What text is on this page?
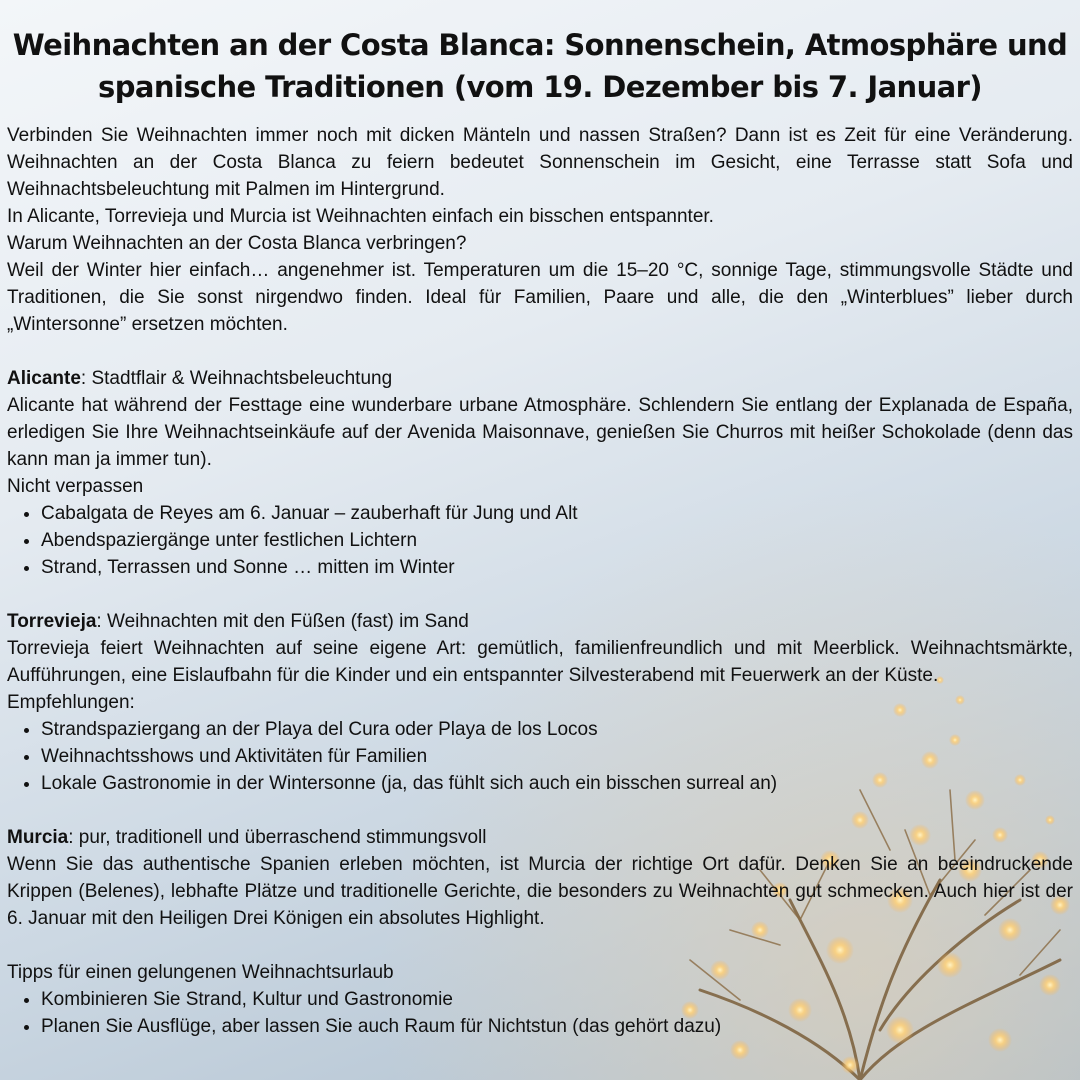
Weihnachten an der Costa Blanca: Sonnenschein, Atmosphäre und spanische Traditionen (vom 19. Dezember bis 7. Januar)

Verbinden Sie Weihnachten immer noch mit dicken Mänteln und nassen Straßen? Dann ist es Zeit für eine Veränderung. Weihnachten an der Costa Blanca zu feiern bedeutet Sonnenschein im Gesicht, eine Terrasse statt Sofa und Weihnachtsbeleuchtung mit Palmen im Hintergrund.

In Alicante, Torrevieja und Murcia ist Weihnachten einfach ein bisschen entspannter.

Warum Weihnachten an der Costa Blanca verbringen?

Weil der Winter hier einfach… angenehmer ist. Temperaturen um die 15–20 °C, sonnige Tage, stimmungsvolle Städte und Traditionen, die Sie sonst nirgendwo finden. Ideal für Familien, Paare und alle, die den „Winterblues” lieber durch „Wintersonne” ersetzen möchten.

Alicante: Stadtflair & Weihnachtsbeleuchtung

Alicante hat während der Festtage eine wunderbare urbane Atmosphäre. Schlendern Sie entlang der Explanada de España, erledigen Sie Ihre Weihnachtseinkäufe auf der Avenida Maisonnave, genießen Sie Churros mit heißer Schokolade (denn das kann man ja immer tun).

Nicht verpassen

• Cabalgata de Reyes am 6. Januar – zauberhaft für Jung und Alt
• Abendspaziergänge unter festlichen Lichtern
• Strand, Terrassen und Sonne … mitten im Winter

Torrevieja: Weihnachten mit den Füßen (fast) im Sand

Torrevieja feiert Weihnachten auf seine eigene Art: gemütlich, familienfreundlich und mit Meerblick. Weihnachtsmärkte, Aufführungen, eine Eislaufbahn für die Kinder und ein entspannter Silvesterabend mit Feuerwerk an der Küste.

Empfehlungen:

• Strandspaziergang an der Playa del Cura oder Playa de los Locos
• Weihnachtsshows und Aktivitäten für Familien
• Lokale Gastronomie in der Wintersonne (ja, das fühlt sich auch ein bisschen surreal an)

Murcia: pur, traditionell und überraschend stimmungsvoll

Wenn Sie das authentische Spanien erleben möchten, ist Murcia der richtige Ort dafür. Denken Sie an beeindruckende Krippen (Belenes), lebhafte Plätze und traditionelle Gerichte, die besonders zu Weihnachten gut schmecken. Auch hier ist der 6. Januar mit den Heiligen Drei Königen ein absolutes Highlight.

Tipps für einen gelungenen Weihnachtsurlaub

• Kombinieren Sie Strand, Kultur und Gastronomie
• Planen Sie Ausflüge, aber lassen Sie auch Raum für Nichtstun (das gehört dazu)
